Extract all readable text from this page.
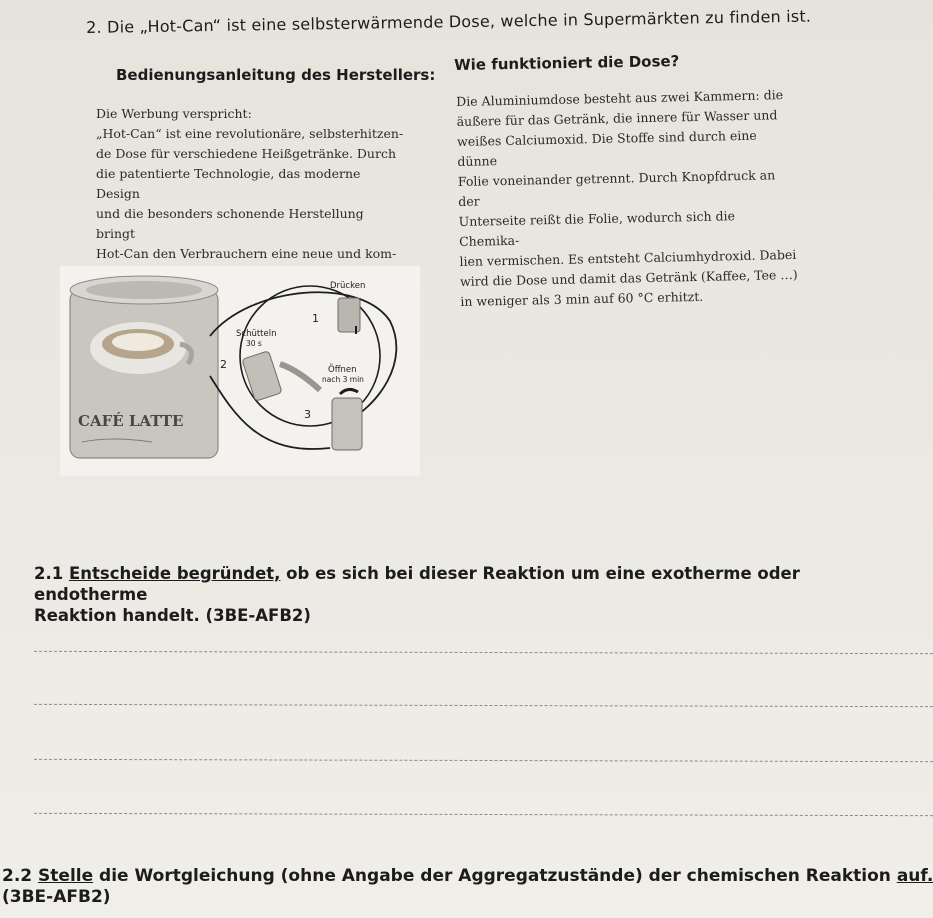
2. Die „Hot-Can“ ist eine selbsterwärmende Dose, welche in Supermärkten zu finden ist.
Bedienungsanleitung des Herstellers:
Wie funktioniert die Dose?
Die Werbung verspricht:
„Hot-Can“ ist eine revolutionäre, selbsterhitzen-
de Dose für verschiedene Heißgetränke. Durch
die patentierte Technologie, das moderne Design
und die besonders schonende Herstellung bringt
Hot-Can den Verbrauchern eine neue und kom-
Die Aluminiumdose besteht aus zwei Kammern: die
äußere für das Getränk, die innere für Wasser und
weißes Calciumoxid. Die Stoffe sind durch eine dünne
Folie voneinander getrennt. Durch Knopfdruck an der
Unterseite reißt die Folie, wodurch sich die Chemika-
lien vermischen. Es entsteht Calciumhydroxid. Dabei
wird die Dose und damit das Getränk (Kaffee, Tee …)
in weniger als 3 min auf 60 °C erhitzt.
CAFÉ LATTE
Drücken
1
Schütteln
30 s
2	Öffnen
nach 3 min
3
2.1 Entscheide begründet, ob es sich bei dieser Reaktion um eine exotherme oder endotherme
Reaktion handelt. (3BE-AFB2)
2.2 Stelle die Wortgleichung (ohne Angabe der Aggregatzustände) der chemischen Reaktion auf.
(3BE-AFB2)
